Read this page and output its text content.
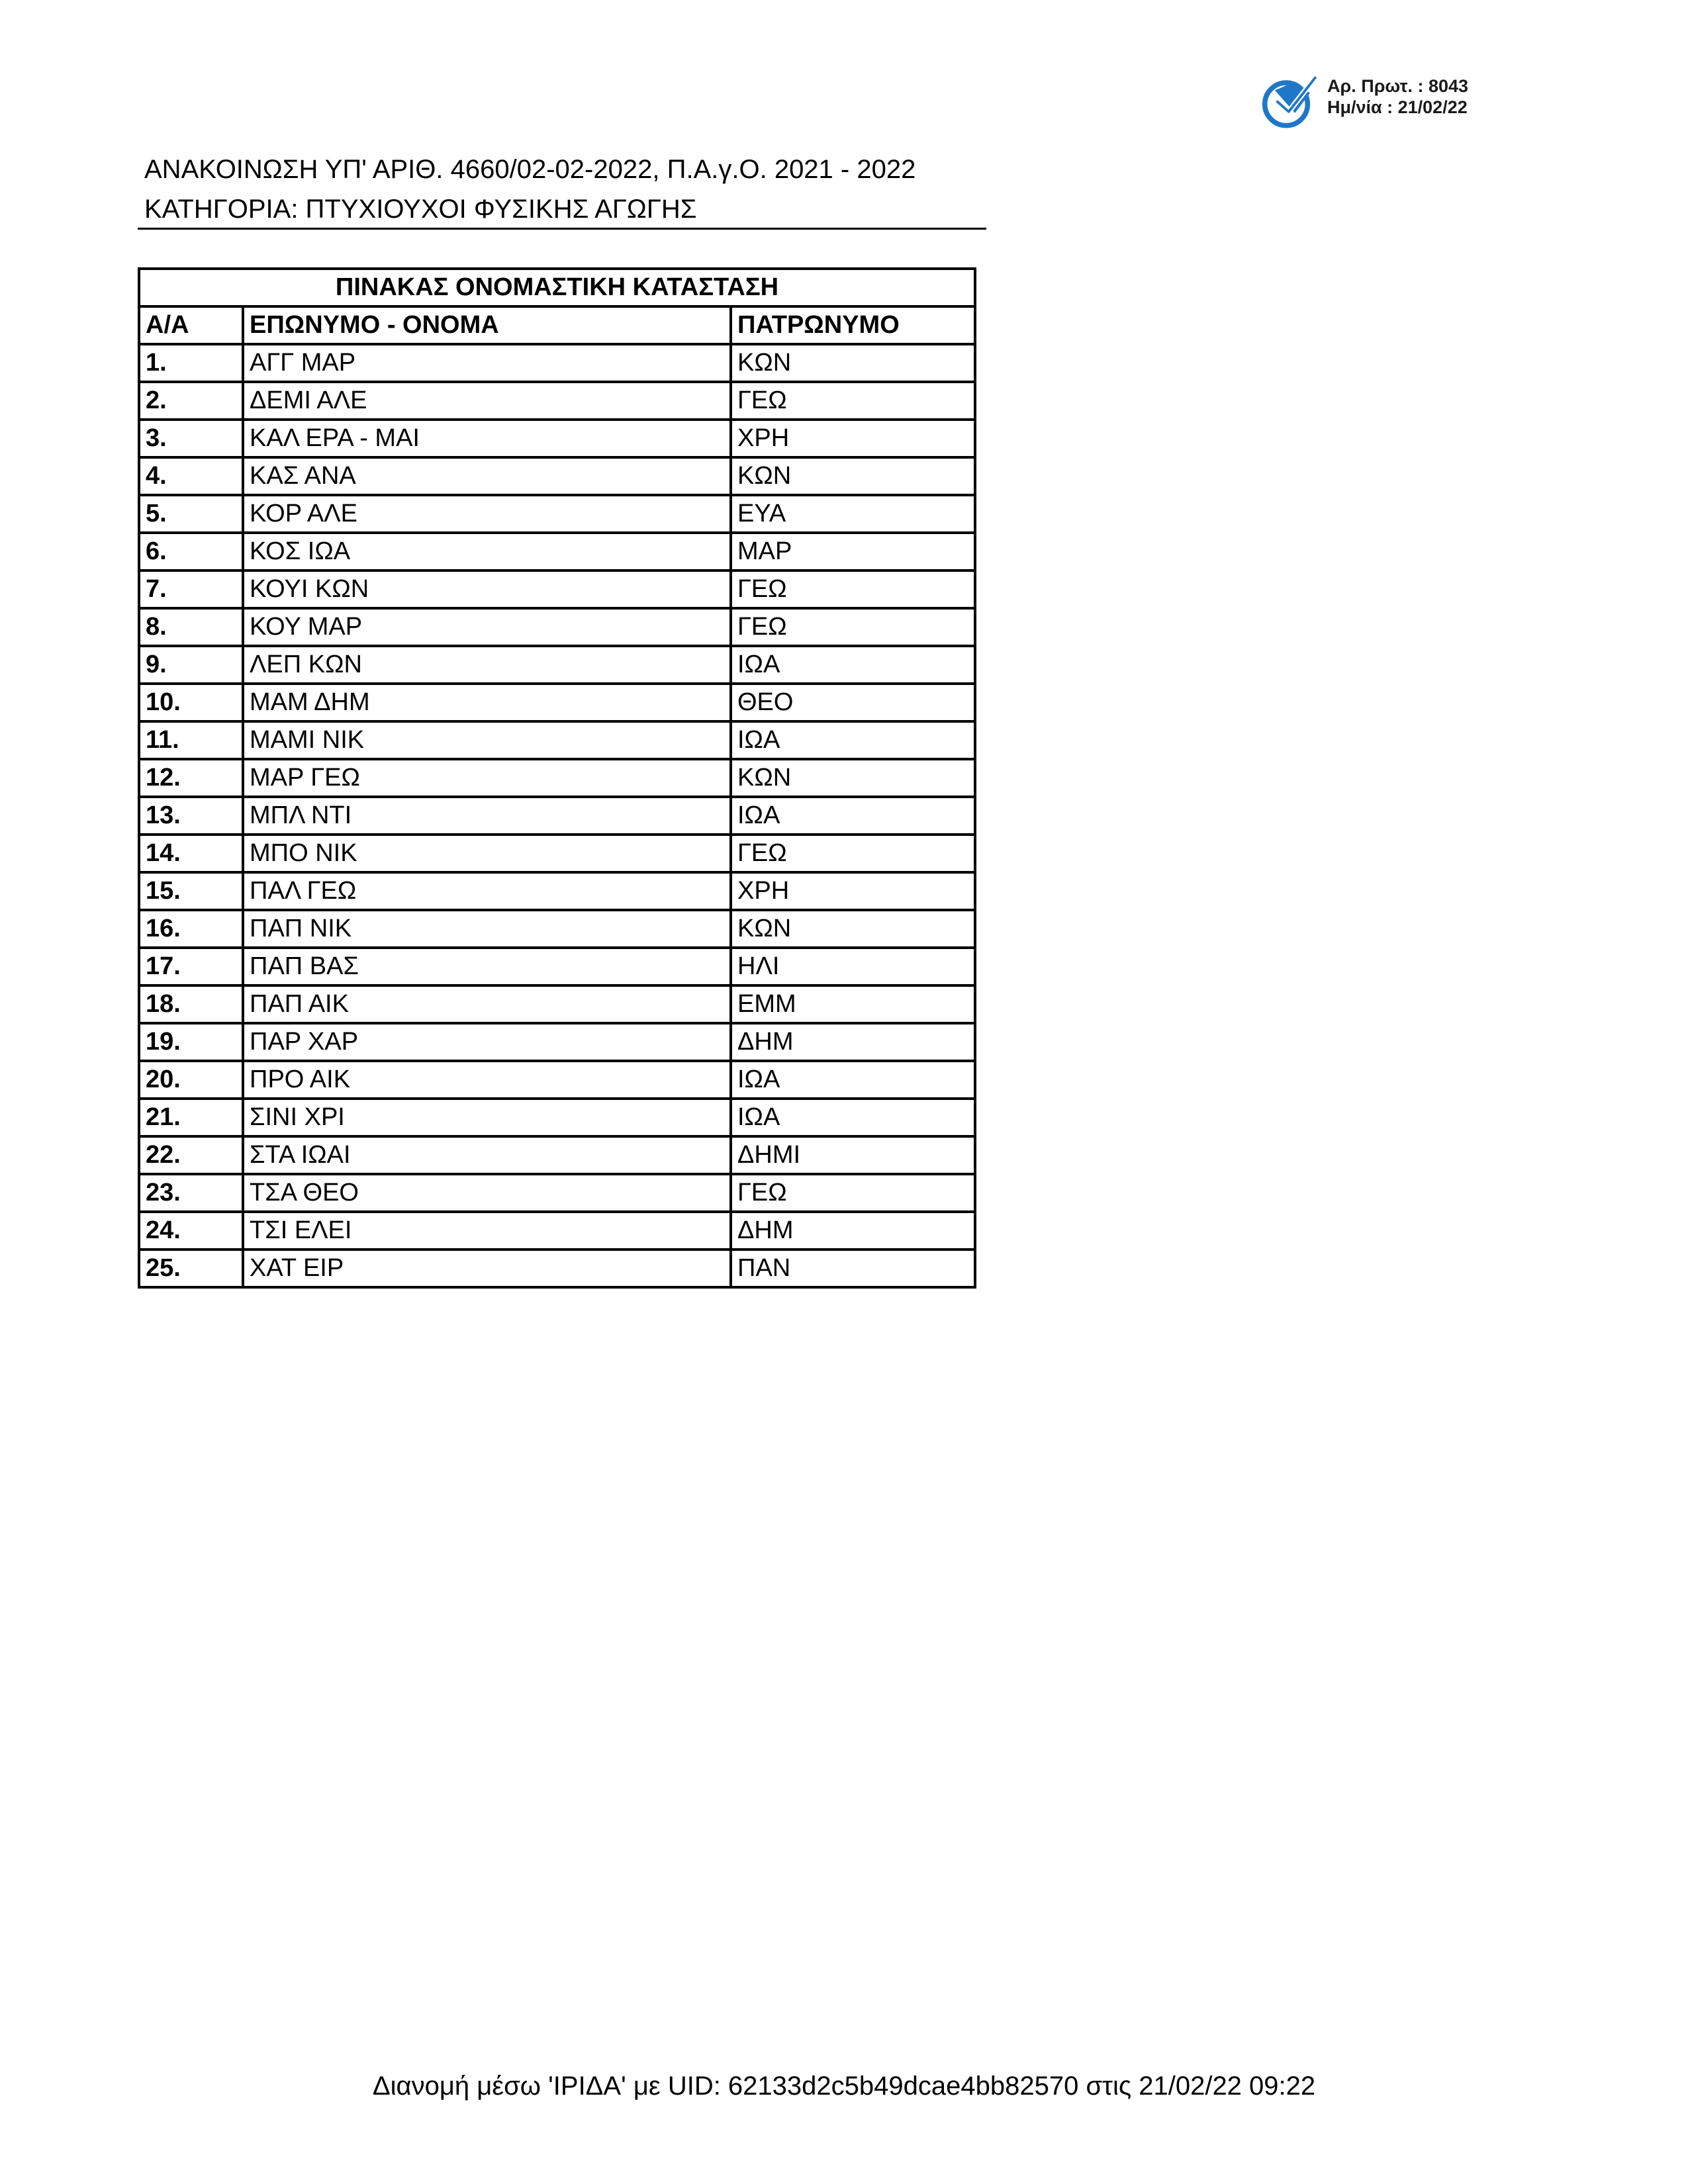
Αρ. Πρωτ. : 8043
Ημ/νία : 21/02/22
ΑΝΑΚΟΙΝΩΣΗ ΥΠ' ΑΡΙΘ. 4660/02-02-2022, Π.Α.γ.Ο. 2021 - 2022
ΚΑΤΗΓΟΡΙΑ: ΠΤΥΧΙΟΥΧΟΙ ΦΥΣΙΚΗΣ ΑΓΩΓΗΣ
ΠΙΝΑΚΑΣ ΟΝΟΜΑΣΤΙΚΗ ΚΑΤΑΣΤΑΣΗ		
Α/Α	ΕΠΩΝΥΜΟ - ΟΝΟΜΑ	ΠΑΤΡΩΝΥΜΟ
1.	ΑΓΓ ΜΑΡ	ΚΩΝ
2.	ΔΕΜΙ ΑΛΕ	ΓΕΩ
3.	ΚΑΛ ΕΡΑ - ΜΑΙ	ΧΡΗ
4.	ΚΑΣ ΑΝΑ	ΚΩΝ
5.	ΚΟΡ ΑΛΕ	ΕΥΑ
6.	ΚΟΣ ΙΩΑ	ΜΑΡ
7.	ΚΟΥΙ ΚΩΝ	ΓΕΩ
8.	ΚΟΥ ΜΑΡ	ΓΕΩ
9.	ΛΕΠ ΚΩΝ	ΙΩΑ
10.	ΜΑΜ ΔΗΜ	ΘΕΟ
11.	ΜΑΜΙ ΝΙΚ	ΙΩΑ
12.	ΜΑΡ ΓΕΩ	ΚΩΝ
13.	ΜΠΛ ΝΤΙ	ΙΩΑ
14.	ΜΠΟ ΝΙΚ	ΓΕΩ
15.	ΠΑΛ ΓΕΩ	ΧΡΗ
16.	ΠΑΠ ΝΙΚ	ΚΩΝ
17.	ΠΑΠ ΒΑΣ	ΗΛΙ
18.	ΠΑΠ ΑΙΚ	ΕΜΜ
19.	ΠΑΡ ΧΑΡ	ΔΗΜ
20.	ΠΡΟ ΑΙΚ	ΙΩΑ
21.	ΣΙΝΙ ΧΡΙ	ΙΩΑ
22.	ΣΤΑ ΙΩΑΙ	ΔΗΜΙ
23.	ΤΣΑ ΘΕΟ	ΓΕΩ
24.	ΤΣΙ ΕΛΕΙ	ΔΗΜ
25.	ΧΑΤ ΕΙΡ	ΠΑΝ
Διανομή μέσω 'ΙΡΙΔΑ' με UID: 62133d2c5b49dcae4bb82570 στις 21/02/22 09:22
